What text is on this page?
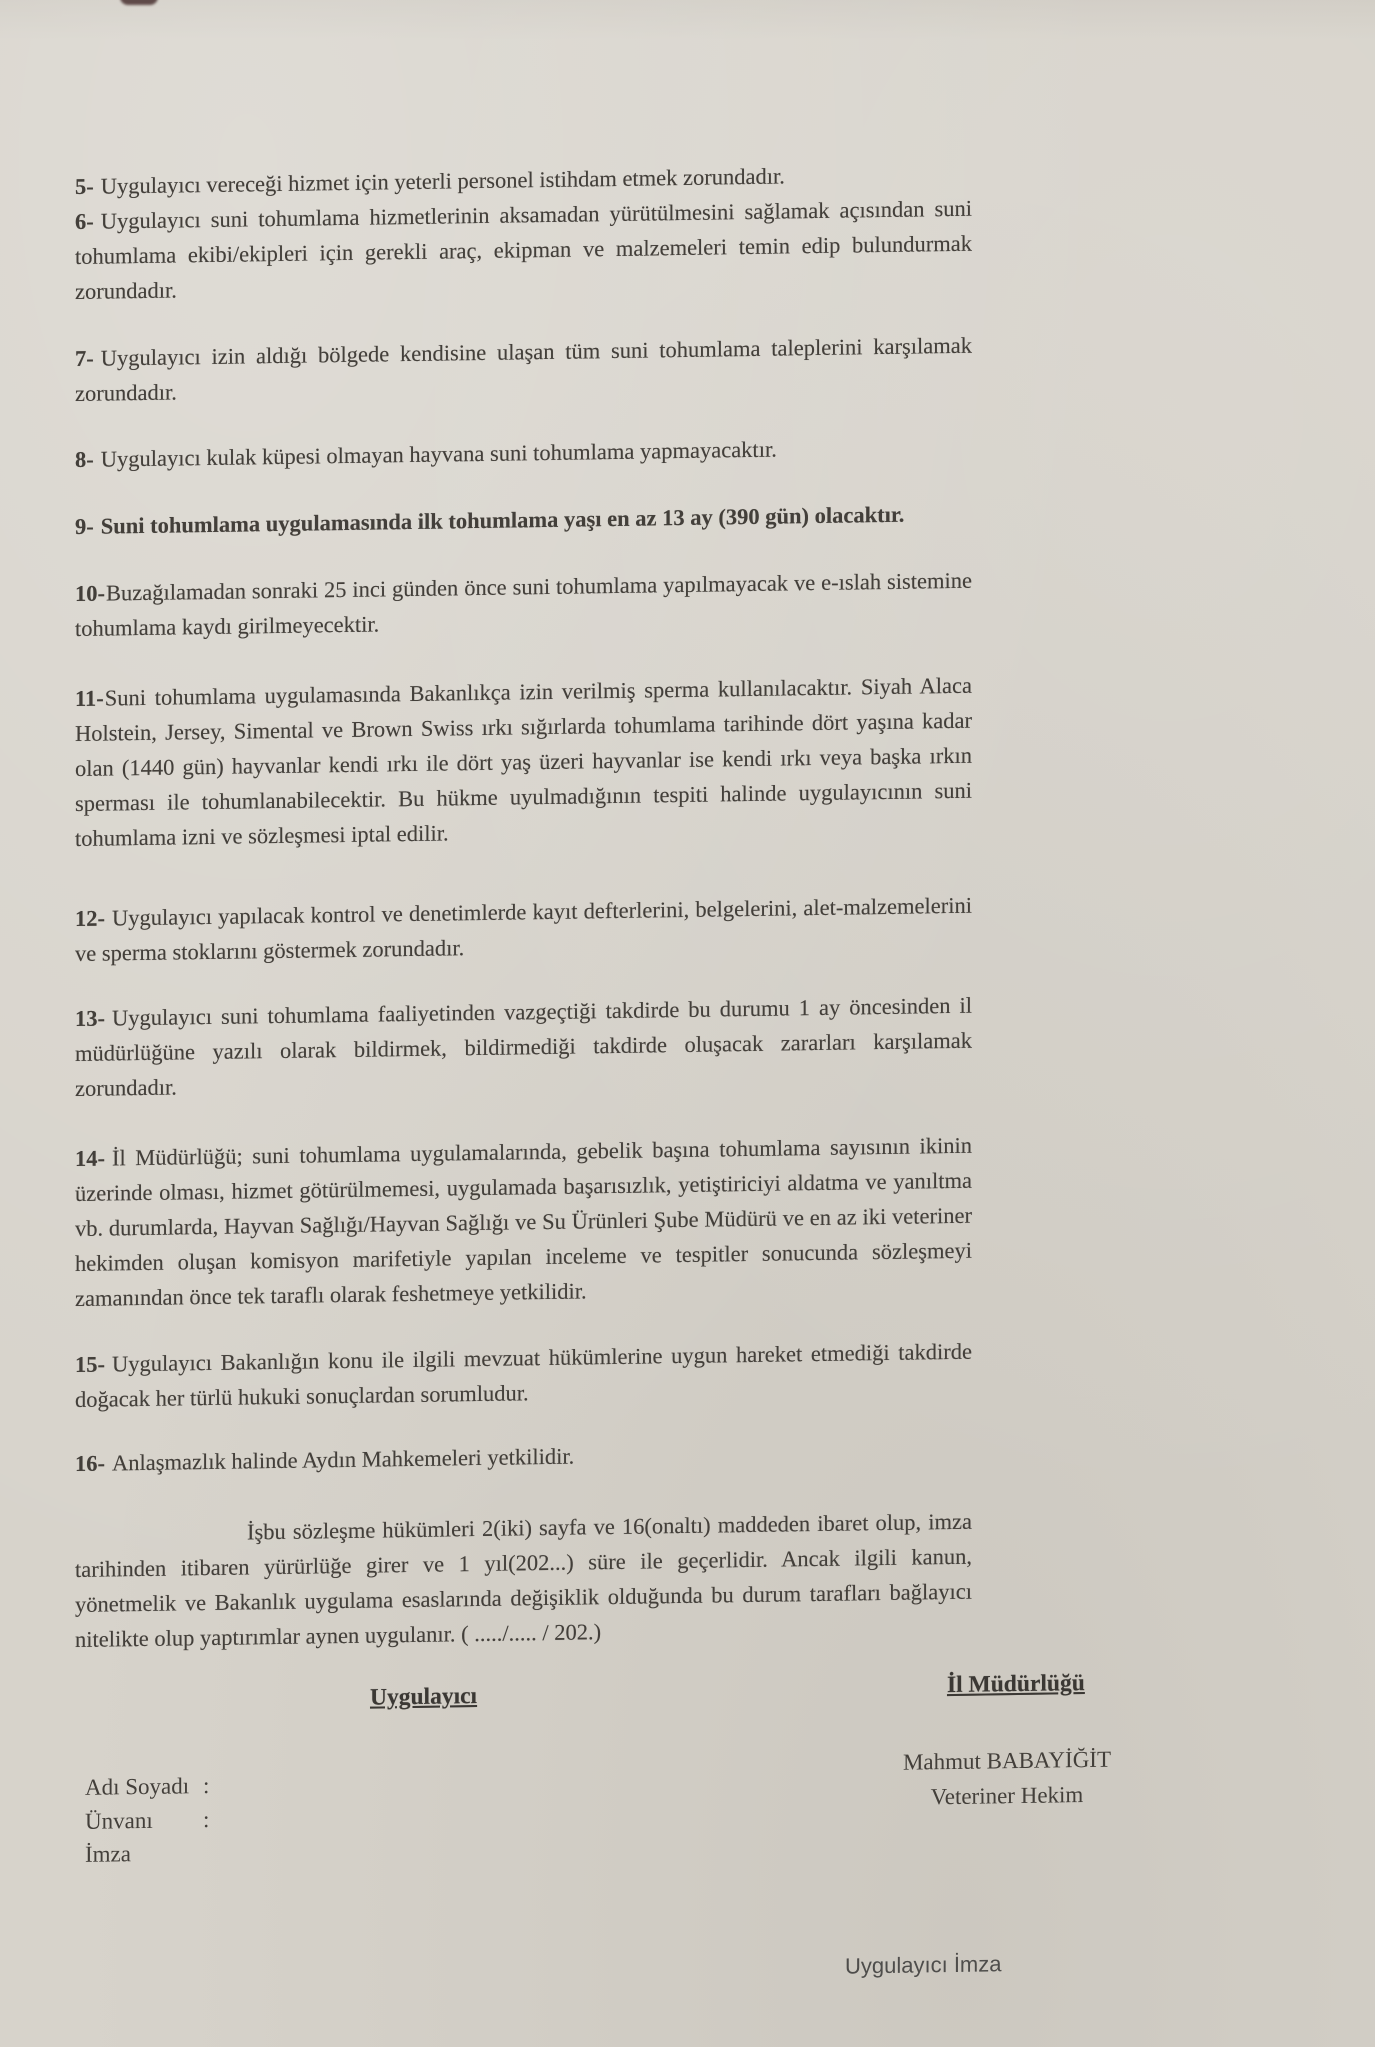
5- Uygulayıcı vereceği hizmet için yeterli personel istihdam etmek zorundadır.

6- Uygulayıcı suni tohumlama hizmetlerinin aksamadan yürütülmesini sağlamak açısından suni tohumlama ekibi/ekipleri için gerekli araç, ekipman ve malzemeleri temin edip bulundurmak zorundadır.

7- Uygulayıcı izin aldığı bölgede kendisine ulaşan tüm suni tohumlama taleplerini karşılamak zorundadır.

8- Uygulayıcı kulak küpesi olmayan hayvana suni tohumlama yapmayacaktır.

9- Suni tohumlama uygulamasında ilk tohumlama yaşı en az 13 ay (390 gün) olacaktır.

10-Buzağılamadan sonraki 25 inci günden önce suni tohumlama yapılmayacak ve e-ıslah sistemine tohumlama kaydı girilmeyecektir.

11-Suni tohumlama uygulamasında Bakanlıkça izin verilmiş sperma kullanılacaktır. Siyah Alaca Holstein, Jersey, Simental ve Brown Swiss ırkı sığırlarda tohumlama tarihinde dört yaşına kadar olan (1440 gün) hayvanlar kendi ırkı ile dört yaş üzeri hayvanlar ise kendi ırkı veya başka ırkın sperması ile tohumlanabilecektir. Bu hükme uyulmadığının tespiti halinde uygulayıcının suni tohumlama izni ve sözleşmesi iptal edilir.

12- Uygulayıcı yapılacak kontrol ve denetimlerde kayıt defterlerini, belgelerini, alet-malzemelerini ve sperma stoklarını göstermek zorundadır.

13- Uygulayıcı suni tohumlama faaliyetinden vazgeçtiği takdirde bu durumu 1 ay öncesinden il müdürlüğüne yazılı olarak bildirmek, bildirmediği takdirde oluşacak zararları karşılamak zorundadır.

14- İl Müdürlüğü; suni tohumlama uygulamalarında, gebelik başına tohumlama sayısının ikinin üzerinde olması, hizmet götürülmemesi, uygulamada başarısızlık, yetiştiriciyi aldatma ve yanıltma vb. durumlarda, Hayvan Sağlığı/Hayvan Sağlığı ve Su Ürünleri Şube Müdürü ve en az iki veteriner hekimden oluşan komisyon marifetiyle yapılan inceleme ve tespitler sonucunda sözleşmeyi zamanından önce tek taraflı olarak feshetmeye yetkilidir.

15- Uygulayıcı Bakanlığın konu ile ilgili mevzuat hükümlerine uygun hareket etmediği takdirde doğacak her türlü hukuki sonuçlardan sorumludur.

16- Anlaşmazlık halinde Aydın Mahkemeleri yetkilidir.

İşbu sözleşme hükümleri 2(iki) sayfa ve 16(onaltı) maddeden ibaret olup, imza tarihinden itibaren yürürlüğe girer ve 1 yıl(202...) süre ile geçerlidir. Ancak ilgili kanun, yönetmelik ve Bakanlık uygulama esaslarında değişiklik olduğunda bu durum tarafları bağlayıcı nitelikte olup yaptırımlar aynen uygulanır. ( ...../..... / 202.)

Uygulayıcı	İl Müdürlüğü
Adı Soyadı :
Ünvanı :
İmza
Mahmut BABAYİĞİT
Veteriner Hekim
Uygulayıcı İmza
